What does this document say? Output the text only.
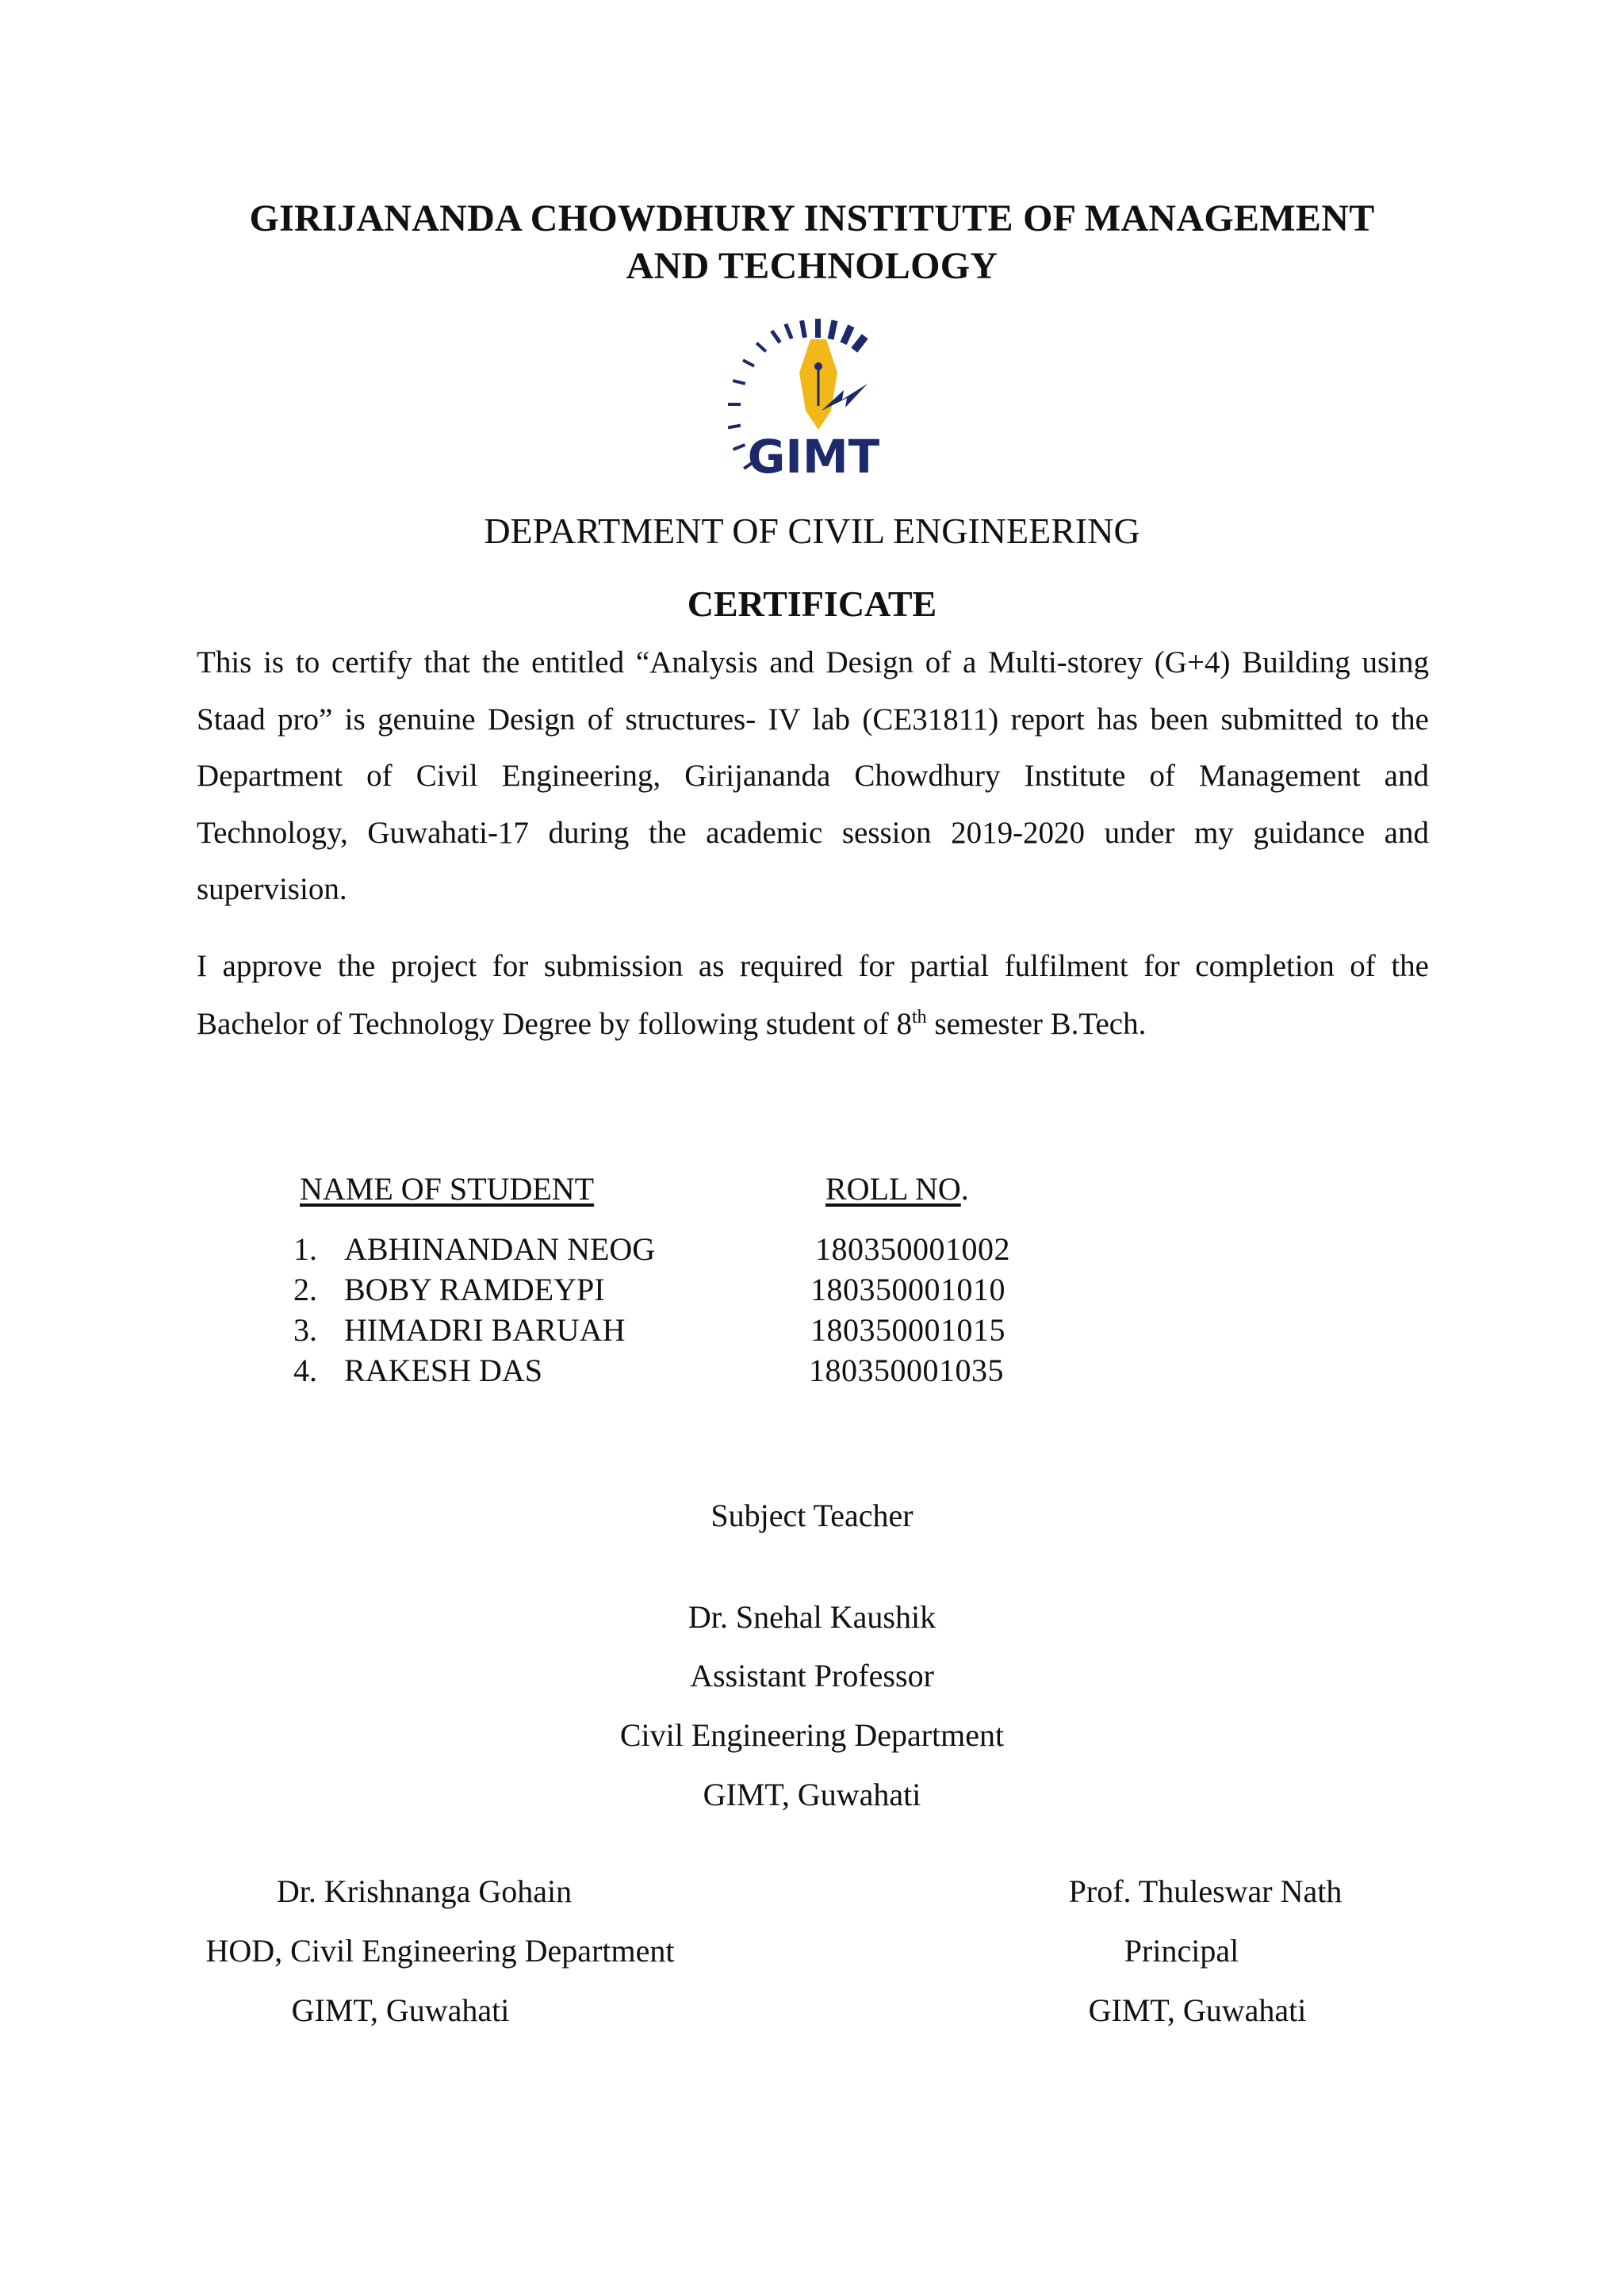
GIRIJANANDA CHOWDHURY INSTITUTE OF MANAGEMENT
AND TECHNOLOGY
GIMT
DEPARTMENT OF CIVIL ENGINEERING
CERTIFICATE
This is to certify that the entitled “Analysis and Design of a Multi-storey (G+4) Building using Staad pro” is genuine Design of structures- IV lab (CE31811) report has been submitted to the Department of Civil Engineering, Girijananda Chowdhury Institute of Management and Technology, Guwahati-17 during the academic session 2019-2020 under my guidance and supervision.
I approve the project for submission as required for partial fulfilment for completion of the Bachelor of Technology Degree by following student of 8th semester B.Tech.
NAME OF STUDENT	ROLL NO.
1. ABHINANDAN NEOG	180350001002
2. BOBY RAMDEYPI	180350001010
3. HIMADRI BARUAH	180350001015
4. RAKESH DAS	180350001035
Subject Teacher
Dr. Snehal Kaushik
Assistant Professor
Civil Engineering Department
GIMT, Guwahati
Dr. Krishnanga Gohain
HOD, Civil Engineering Department
GIMT, Guwahati
Prof. Thuleswar Nath
Principal
GIMT, Guwahati
